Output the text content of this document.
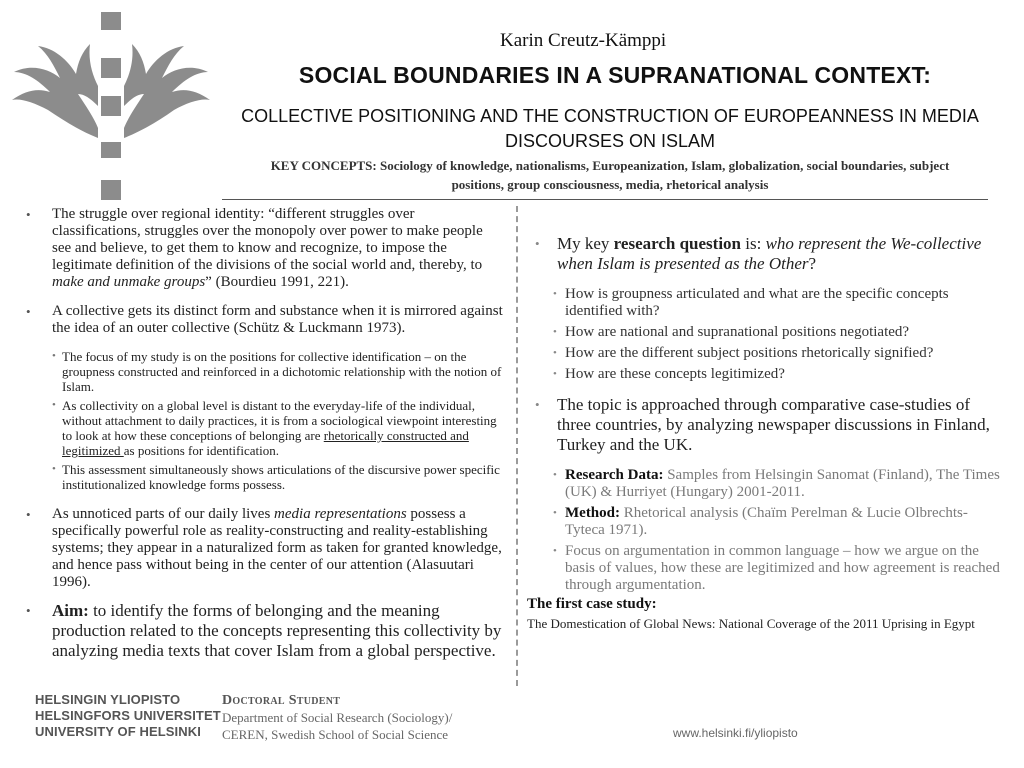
Karin Creutz-Kämppi
SOCIAL BOUNDARIES IN A SUPRANATIONAL CONTEXT:
COLLECTIVE POSITIONING AND THE CONSTRUCTION OF EUROPEANNESS IN MEDIA DISCOURSES ON ISLAM
KEY CONCEPTS: Sociology of knowledge, nationalisms, Europeanization, Islam, globalization, social boundaries, subject positions, group consciousness, media, rhetorical analysis

• The struggle over regional identity: “different struggles over classifications, struggles over the monopoly over power to make people see and believe, to get them to know and recognize, to impose the legitimate definition of the divisions of the social world and, thereby, to make and unmake groups” (Bourdieu 1991, 221).

• A collective gets its distinct form and substance when it is mirrored against the idea of an outer collective (Schütz & Luckmann 1973).

• The focus of my study is on the positions for collective identification – on the groupness constructed and reinforced in a dichotomic relationship with the notion of Islam.

• As collectivity on a global level is distant to the everyday-life of the individual, without attachment to daily practices, it is from a sociological viewpoint interesting to look at how these conceptions of belonging are rhetorically constructed and legitimized as positions for identification.

• This assessment simultaneously shows articulations of the discursive power specific institutionalized knowledge forms possess.

• As unnoticed parts of our daily lives media representations possess a specifically powerful role as reality-constructing and reality-establishing systems; they appear in a naturalized form as taken for granted knowledge, and hence pass without being in the center of our attention (Alasuutari 1996).

• Aim: to identify the forms of belonging and the meaning production related to the concepts representing this collectivity by analyzing media texts that cover Islam from a global perspective.

• My key research question is: who represent the We-collective when Islam is presented as the Other?

• How is groupness articulated and what are the specific concepts identified with?

• How are national and supranational positions negotiated?

• How are the different subject positions rhetorically signified?

• How are these concepts legitimized?

• The topic is approached through comparative case-studies of three countries, by analyzing newspaper discussions in Finland, Turkey and the UK.

• Research Data: Samples from Helsingin Sanomat (Finland), The Times (UK) & Hurriyet (Hungary) 2001-2011.

• Method: Rhetorical analysis (Chaïm Perelman & Lucie Olbrechts-Tyteca 1971).

• Focus on argumentation in common language – how we argue on the basis of values, how these are legitimized and how agreement is reached through argumentation.

The first case study:
The Domestication of Global News: National Coverage of the 2011 Uprising in Egypt
HELSINGIN YLIOPISTO
HELSINGFORS UNIVERSITET
UNIVERSITY OF HELSINKI
Doctoral Student
Department of Social Research (Sociology)/
CEREN, Swedish School of Social Science	www.helsinki.fi/yliopisto
